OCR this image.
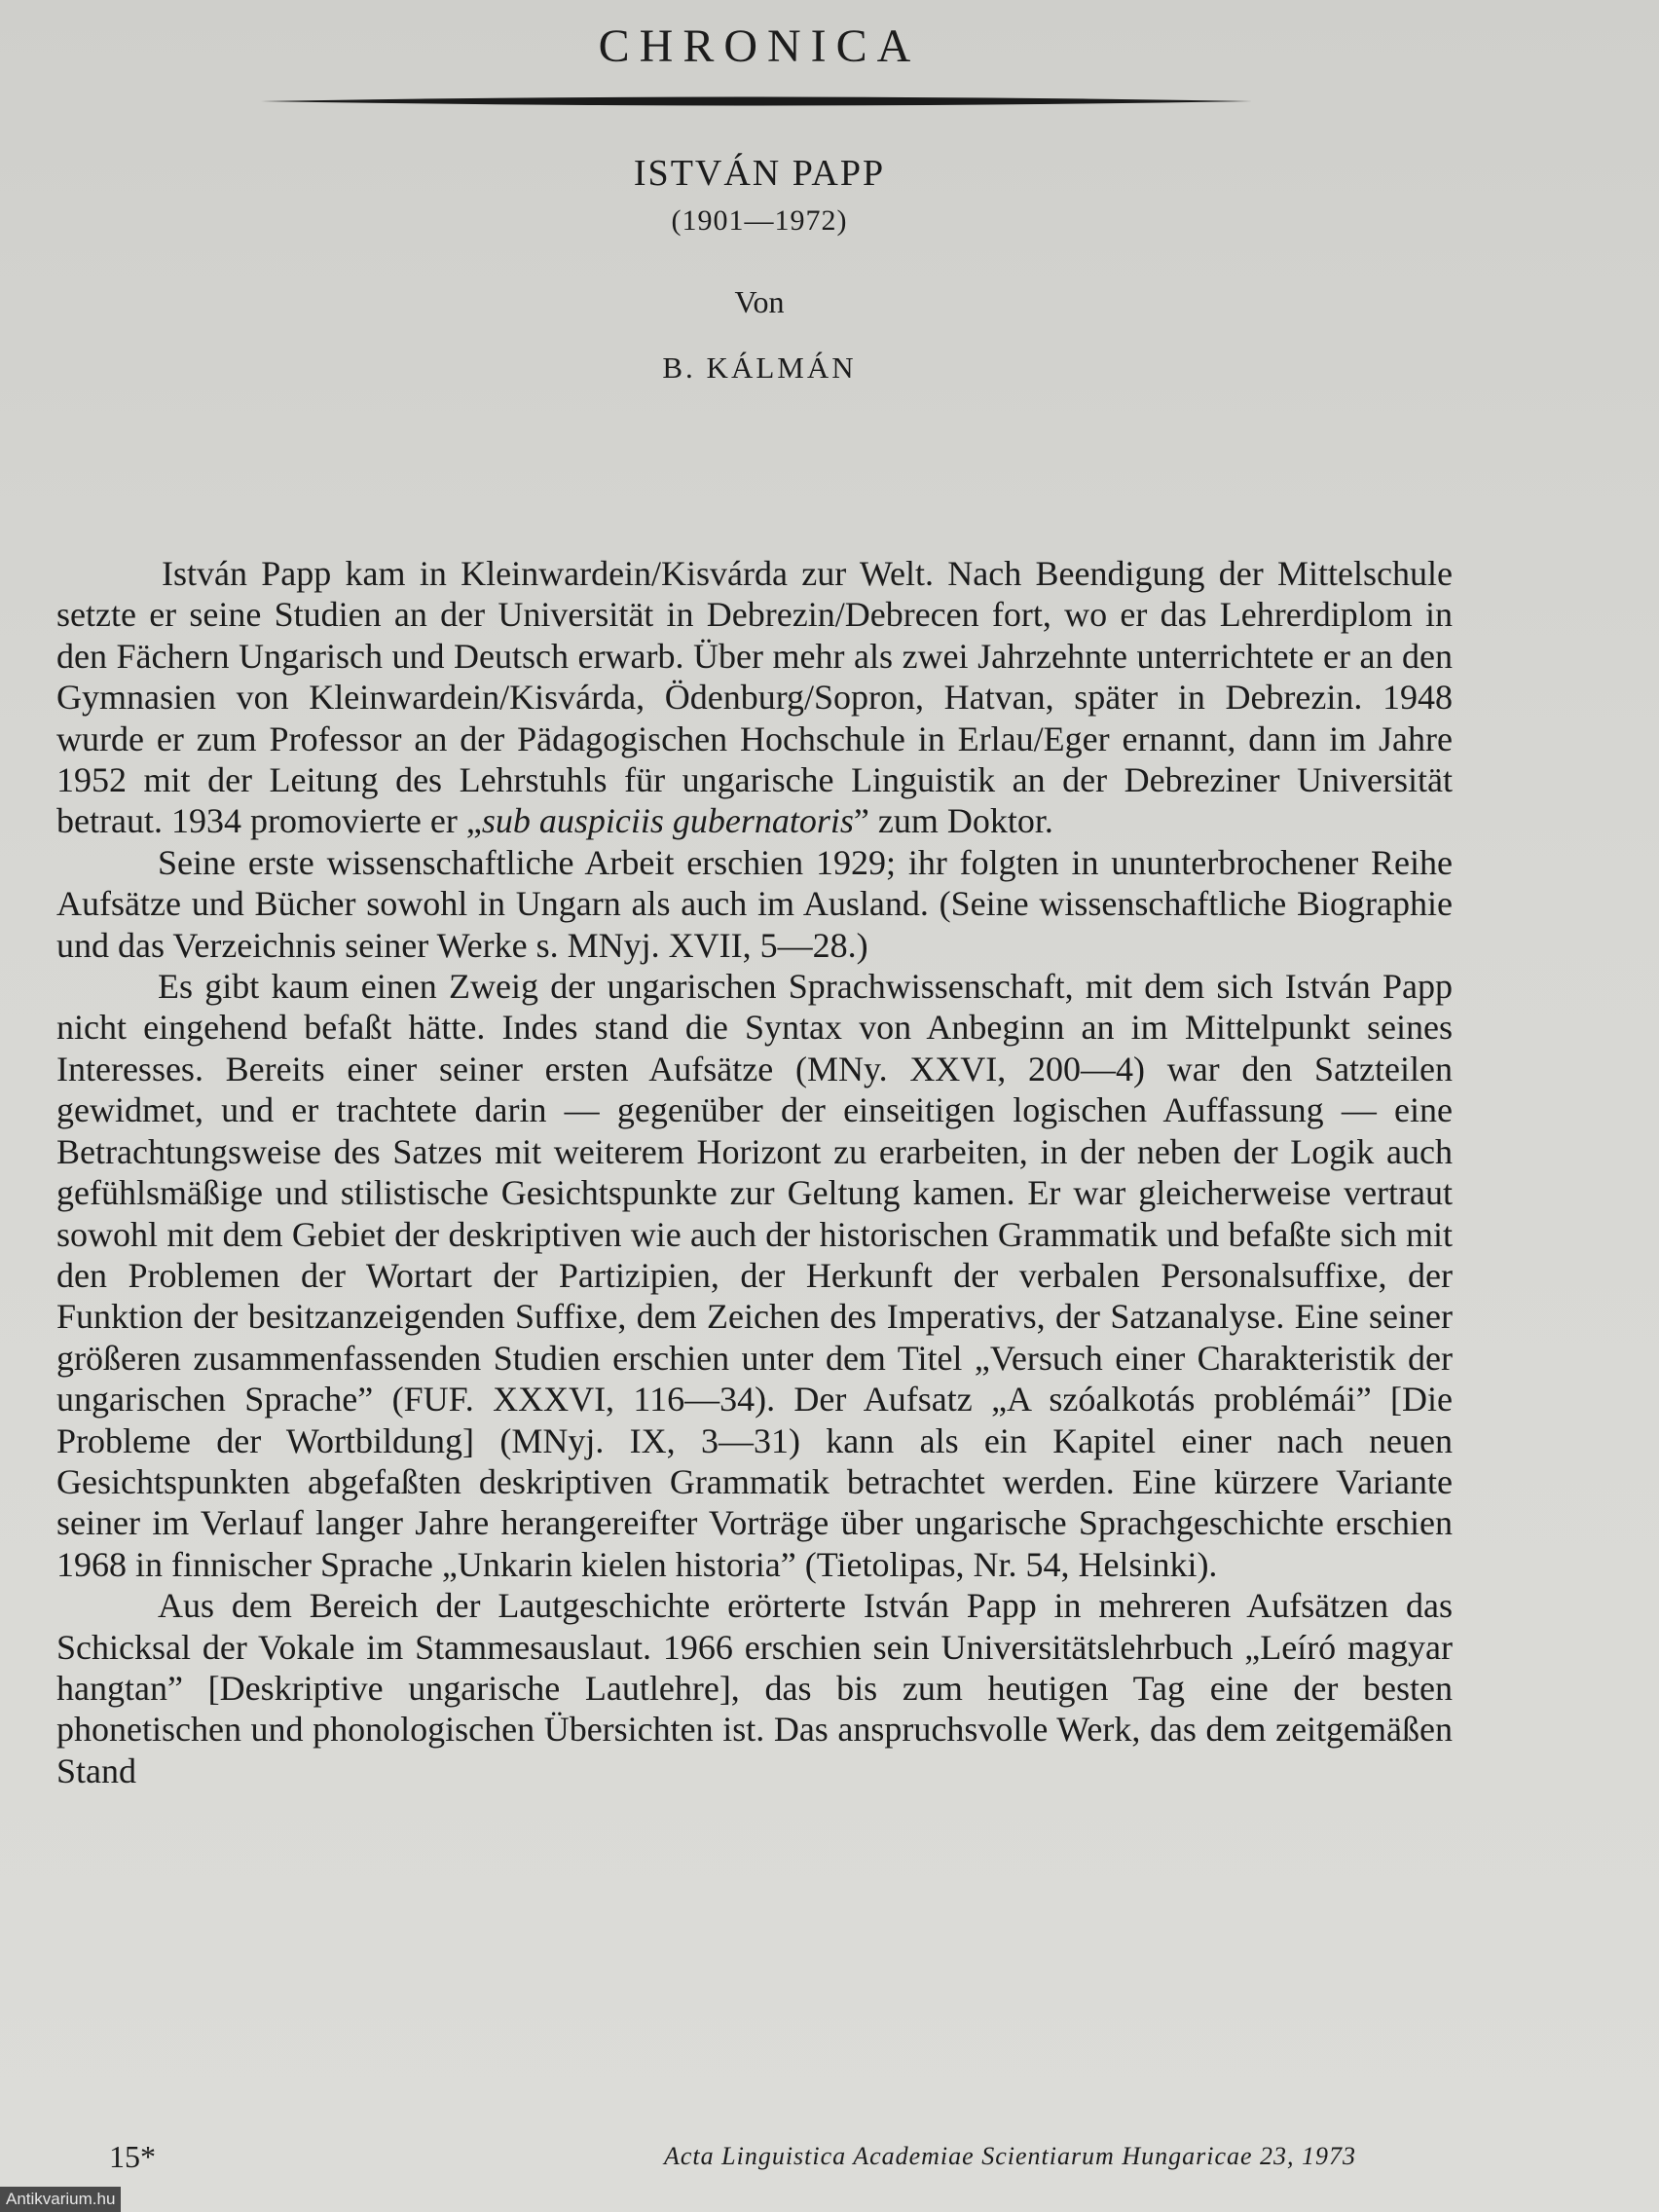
CHRONICA
ISTVÁN PAPP
(1901—1972)
Von
B. KÁLMÁN

István Papp kam in Kleinwardein/Kisvárda zur Welt. Nach Beendigung der Mittelschule setzte er seine Studien an der Universität in Debrezin/Debrecen fort, wo er das Lehrerdiplom in den Fächern Ungarisch und Deutsch erwarb. Über mehr als zwei Jahrzehnte unterrichtete er an den Gymnasien von Kleinwardein/Kisvárda, Ödenburg/Sopron, Hatvan, später in Debrezin. 1948 wurde er zum Professor an der Pädagogischen Hochschule in Erlau/Eger ernannt, dann im Jahre 1952 mit der Leitung des Lehrstuhls für ungarische Linguistik an der Debreziner Universität betraut. 1934 promovierte er „sub auspiciis gubernatoris” zum Doktor.

Seine erste wissenschaftliche Arbeit erschien 1929; ihr folgten in ununterbrochener Reihe Aufsätze und Bücher sowohl in Ungarn als auch im Ausland. (Seine wissenschaftliche Biographie und das Verzeichnis seiner Werke s. MNyj. XVII, 5—28.)

Es gibt kaum einen Zweig der ungarischen Sprachwissenschaft, mit dem sich István Papp nicht eingehend befaßt hätte. Indes stand die Syntax von Anbeginn an im Mittelpunkt seines Interesses. Bereits einer seiner ersten Aufsätze (MNy. XXVI, 200—4) war den Satzteilen gewidmet, und er trachtete darin — gegenüber der einseitigen logischen Auffassung — eine Betrachtungsweise des Satzes mit weiterem Horizont zu erarbeiten, in der neben der Logik auch gefühlsmäßige und stilistische Gesichtspunkte zur Geltung kamen. Er war gleicherweise vertraut sowohl mit dem Gebiet der deskriptiven wie auch der historischen Grammatik und befaßte sich mit den Problemen der Wortart der Partizipien, der Herkunft der verbalen Personalsuffixe, der Funktion der besitzanzeigenden Suffixe, dem Zeichen des Imperativs, der Satzanalyse. Eine seiner größeren zusammenfassenden Studien erschien unter dem Titel „Versuch einer Charakteristik der ungarischen Sprache” (FUF. XXXVI, 116—34). Der Aufsatz „A szóalkotás problémái” [Die Probleme der Wortbildung] (MNyj. IX, 3—31) kann als ein Kapitel einer nach neuen Gesichtspunkten abgefaßten deskriptiven Grammatik betrachtet werden. Eine kürzere Variante seiner im Verlauf langer Jahre herangereifter Vorträge über ungarische Sprachgeschichte erschien 1968 in finnischer Sprache „Unkarin kielen historia” (Tietolipas, Nr. 54, Helsinki).

Aus dem Bereich der Lautgeschichte erörterte István Papp in mehreren Aufsätzen das Schicksal der Vokale im Stammesauslaut. 1966 erschien sein Universitätslehrbuch „Leíró magyar hangtan” [Deskriptive ungarische Lautlehre], das bis zum heutigen Tag eine der besten phonetischen und phonologischen Übersichten ist. Das anspruchsvolle Werk, das dem zeitgemäßen Stand

15*	Acta Linguistica Academiae Scientiarum Hungaricae 23, 1973
Antikvarium.hu
